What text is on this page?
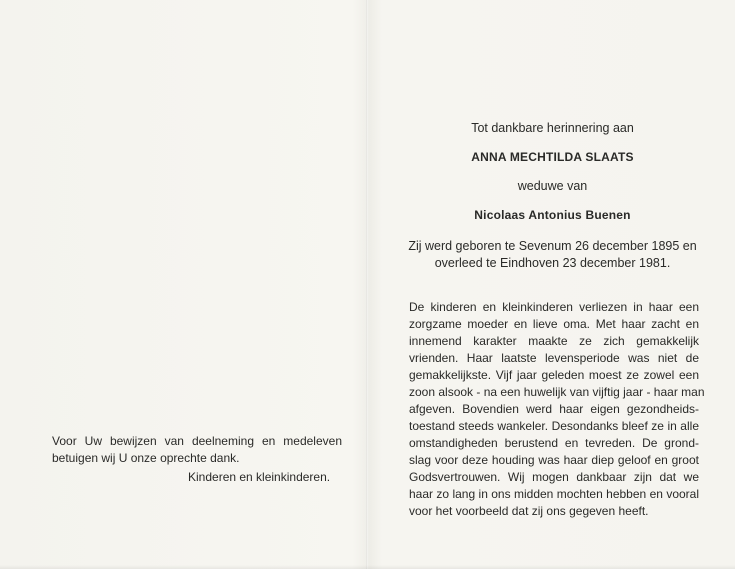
Voor Uw bewijzen van deelneming en medeleven
betuigen wij U onze oprechte dank.
Kinderen en kleinkinderen.
Tot dankbare herinnering aan
ANNA MECHTILDA SLAATS
weduwe van
Nicolaas Antonius Buenen
Zij werd geboren te Sevenum 26 december 1895 en
overleed te Eindhoven 23 december 1981.
De kinderen en kleinkinderen verliezen in haar een
zorgzame moeder en lieve oma. Met haar zacht en
innemend karakter maakte ze zich gemakkelijk
vrienden. Haar laatste levensperiode was niet de
gemakkelijkste. Vijf jaar geleden moest ze zowel een
zoon alsook - na een huwelijk van vijftig jaar - haar man
afgeven. Bovendien werd haar eigen gezondheids-
toestand steeds wankeler. Desondanks bleef ze in alle
omstandigheden berustend en tevreden. De grond-
slag voor deze houding was haar diep geloof en groot
Godsvertrouwen. Wij mogen dankbaar zijn dat we
haar zo lang in ons midden mochten hebben en vooral
voor het voorbeeld dat zij ons gegeven heeft.
